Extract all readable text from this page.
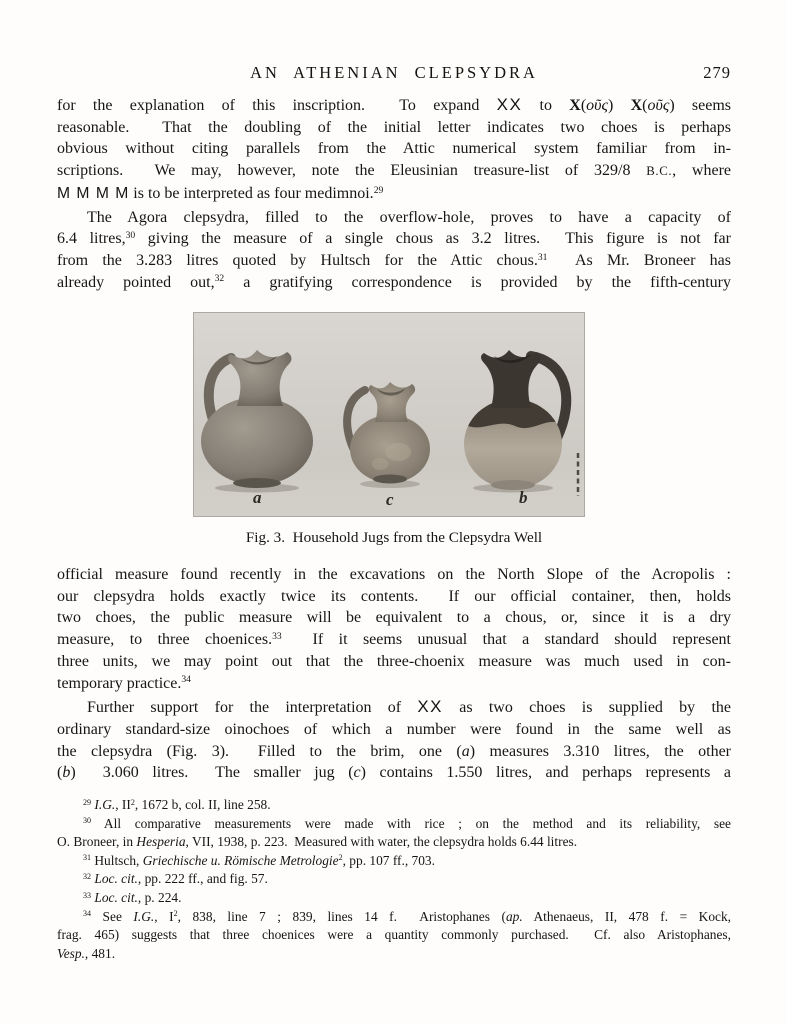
AN ATHENIAN CLEPSYDRA	279
for the explanation of this inscription.  To expand XX to X(οῦς) X(οῦς) seems
reasonable.  That the doubling of the initial letter indicates two choes is perhaps
obvious without citing parallels from the Attic numerical system familiar from in-
scriptions.  We may, however, note the Eleusinian treasure-list of 329/8 B.C., where
M M M M is to be interpreted as four medimnoi.$^{29}$
The Agora clepsydra, filled to the overflow-hole, proves to have a capacity of
6.4 litres,$^{30}$ giving the measure of a single chous as 3.2 litres.  This figure is not far
from the 3.283 litres quoted by Hultsch for the Attic chous.$^{31}$  As Mr. Broneer has
already pointed out,$^{32}$ a gratifying correspondence is provided by the fifth-century
a	c	b
Fig. 3.  Household Jugs from the Clepsydra Well
official measure found recently in the excavations on the North Slope of the Acropolis :
our clepsydra holds exactly twice its contents.  If our official container, then, holds
two choes, the public measure will be equivalent to a chous, or, since it is a dry
measure, to three choenices.$^{33}$  If it seems unusual that a standard should represent
three units, we may point out that the three-choenix measure was much used in con-
temporary practice.$^{34}$
Further support for the interpretation of XX as two choes is supplied by the
ordinary standard-size oinochoes of which a number were found in the same well as
the clepsydra (Fig. 3).  Filled to the brim, one (a) measures 3.310 litres, the other
(b)  3.060 litres.  The smaller jug (c) contains 1.550 litres, and perhaps represents a
$^{29}$ I.G., $II^2$, 1672 b, col. II, line 258.
$^{30}$ All comparative measurements were made with rice ; on the method and its reliability, see
O. Broneer, in Hesperia, VII, 1938, p. 223.  Measured with water, the clepsydra holds 6.44 litres.
$^{31}$ Hultsch, Griechische u. Römische Metrologie$^2$, pp. 107 ff., 703.
$^{32}$ Loc. cit., pp. 222 ff., and fig. 57.
$^{33}$ Loc. cit., p. 224.
$^{34}$ See I.G., $I^2$, 838, line 7 ; 839, lines 14 f.  Aristophanes (ap. Athenaeus, II, 478 f. = Kock,
frag. 465) suggests that three choenices were a quantity commonly purchased.  Cf. also Aristophanes,
Vesp., 481.
